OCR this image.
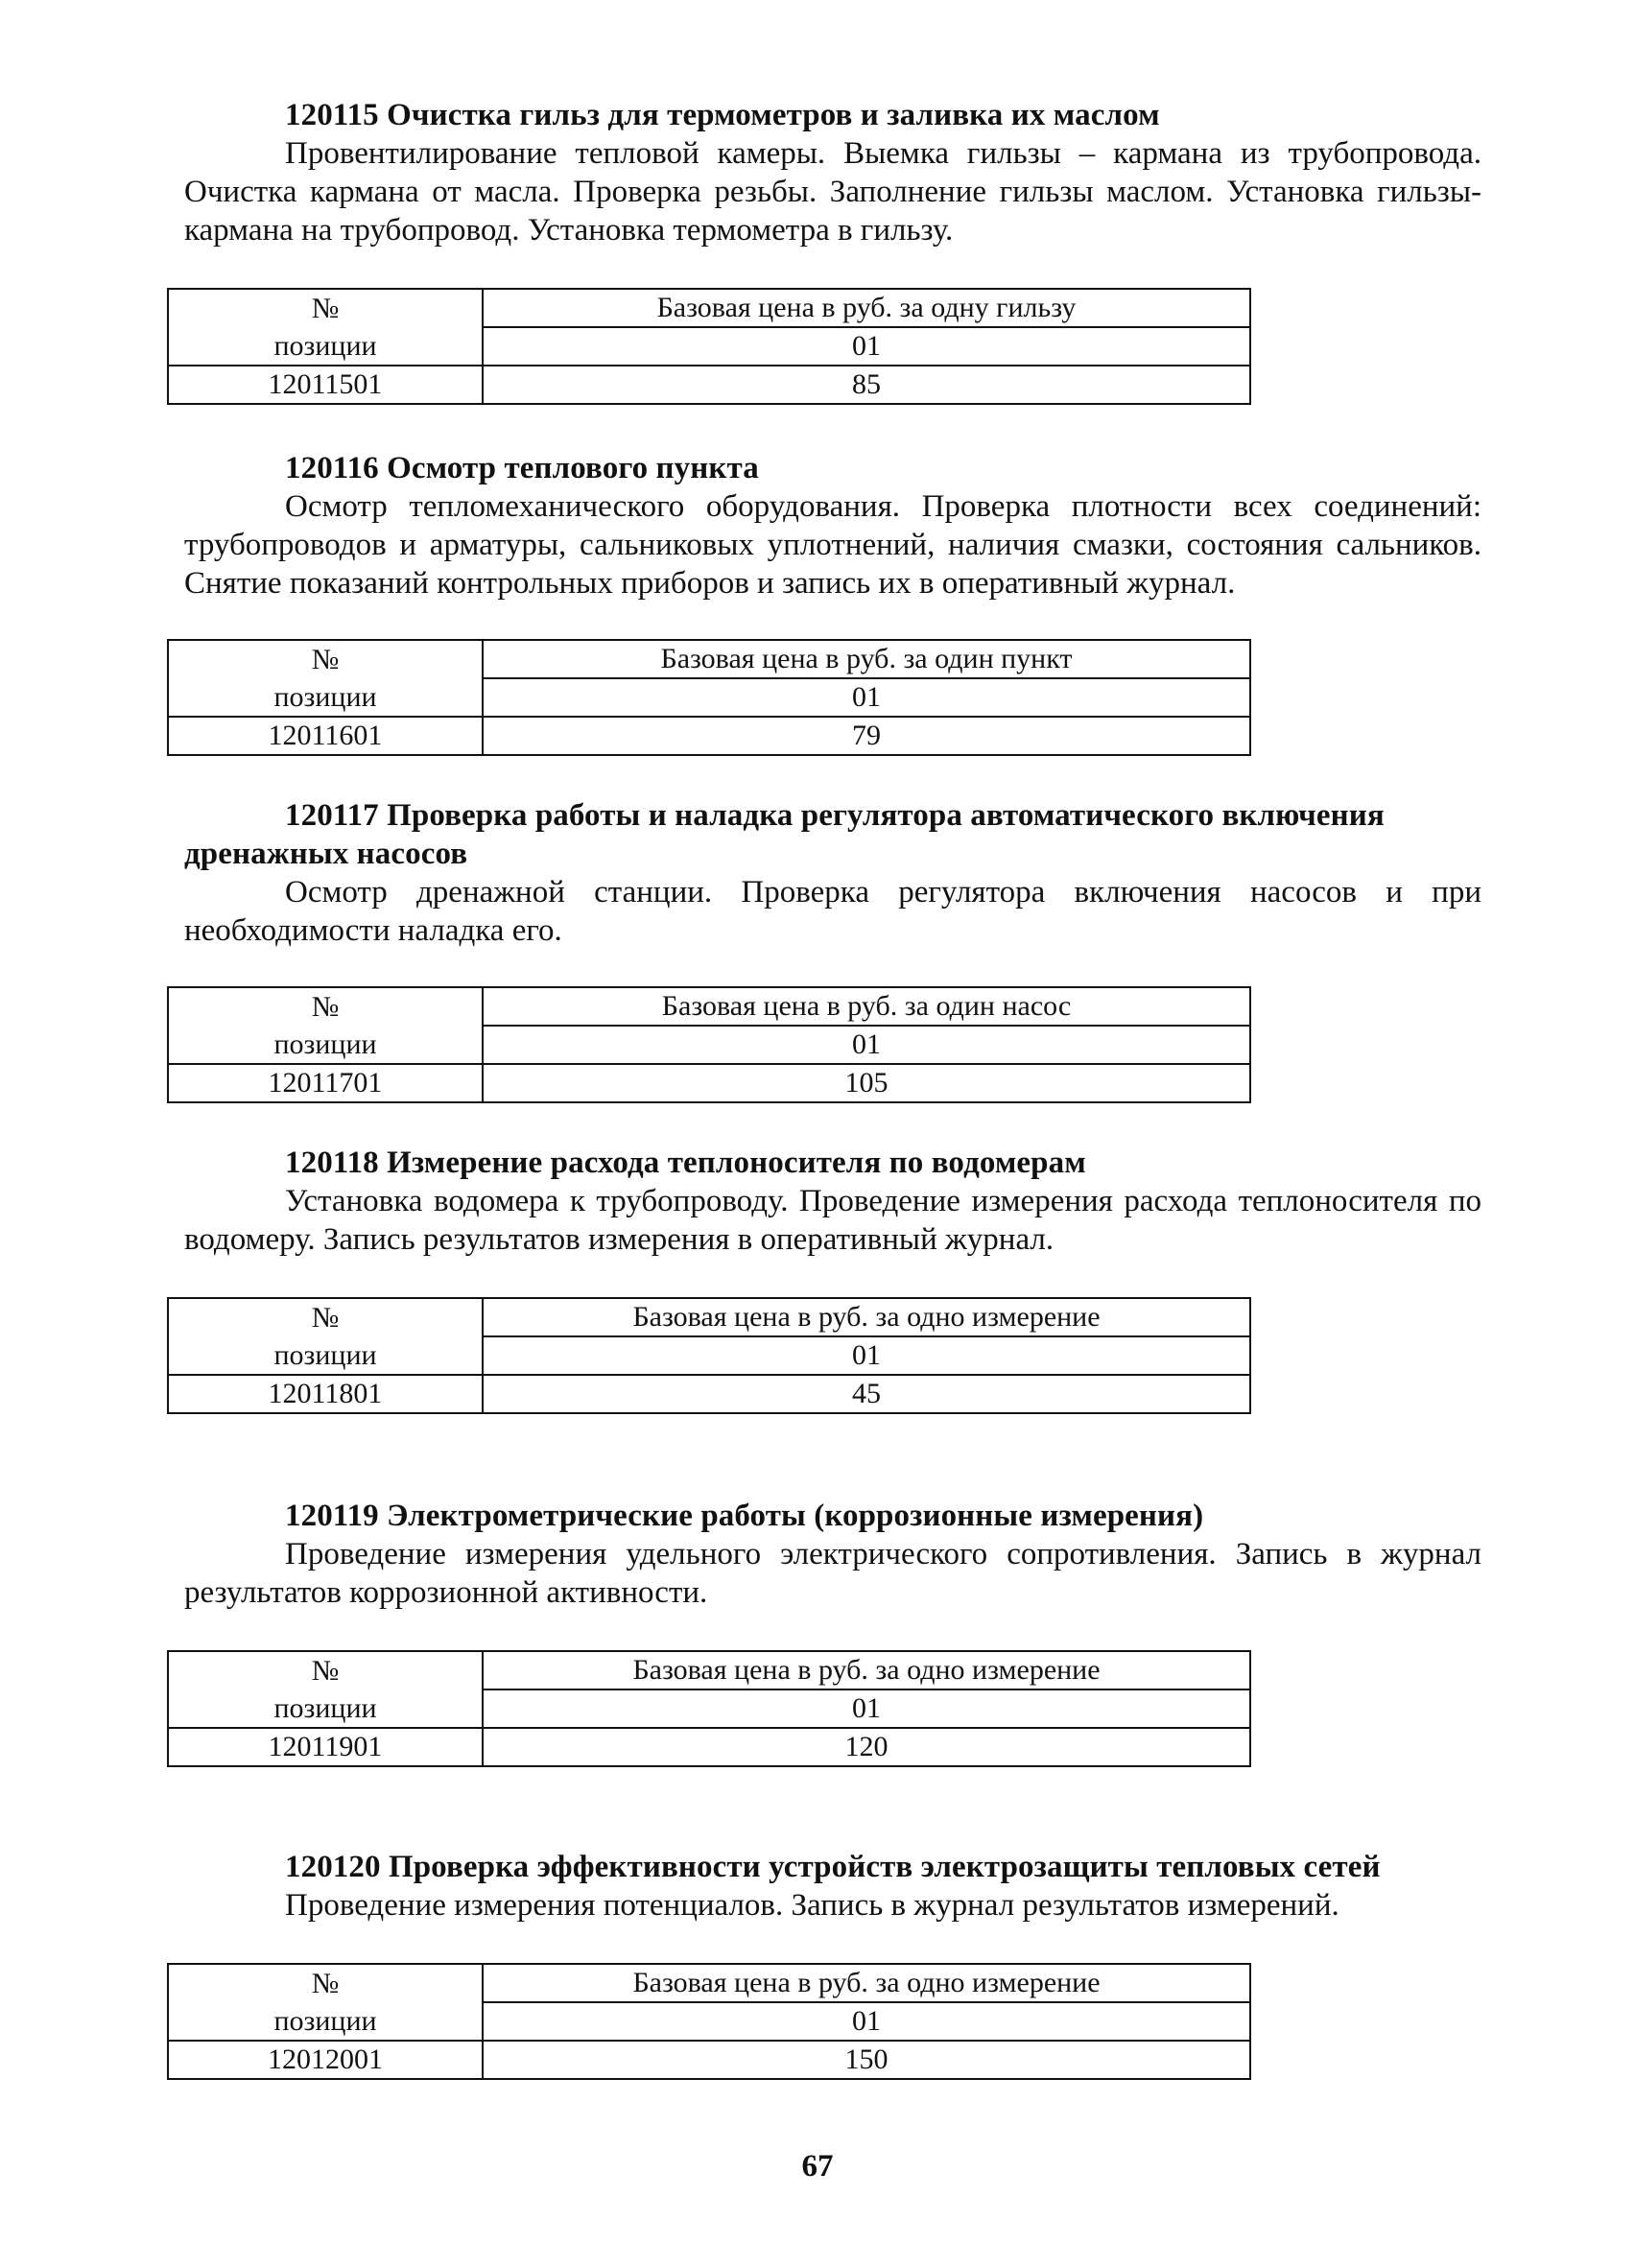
120115 Очистка гильз для термометров и заливка их маслом

Провентилирование тепловой камеры. Выемка гильзы – кармана из трубопровода. Очистка кармана от масла. Проверка резьбы. Заполнение гильзы маслом. Установка гильзы-кармана на трубопровод. Установка термометра в гильзу.

№	Базовая цена в руб. за одну гильзу
позиции	01
12011501	85

120116 Осмотр теплового пункта

Осмотр тепломеханического оборудования. Проверка плотности всех соединений: трубопроводов и арматуры, сальниковых уплотнений, наличия смазки, состояния сальников. Снятие показаний контрольных приборов и запись их в оперативный журнал.

№	Базовая цена в руб. за один пункт
позиции	01
12011601	79

120117 Проверка работы и наладка регулятора автоматического включения дренажных насосов

Осмотр дренажной станции. Проверка регулятора включения насосов и при необходимости наладка его.

№	Базовая цена в руб. за один насос
позиции	01
12011701	105

120118 Измерение расхода теплоносителя по водомерам

Установка водомера к трубопроводу. Проведение измерения расхода теплоносителя по водомеру. Запись результатов измерения в оперативный журнал.

№	Базовая цена в руб. за одно измерение
позиции	01
12011801	45

120119 Электрометрические работы (коррозионные измерения)

Проведение измерения удельного электрического сопротивления. Запись в журнал результатов коррозионной активности.

№	Базовая цена в руб. за одно измерение
позиции	01
12011901	120

120120 Проверка эффективности устройств электрозащиты тепловых сетей

Проведение измерения потенциалов. Запись в журнал результатов измерений.

№	Базовая цена в руб. за одно измерение
позиции	01
12012001	150
67
